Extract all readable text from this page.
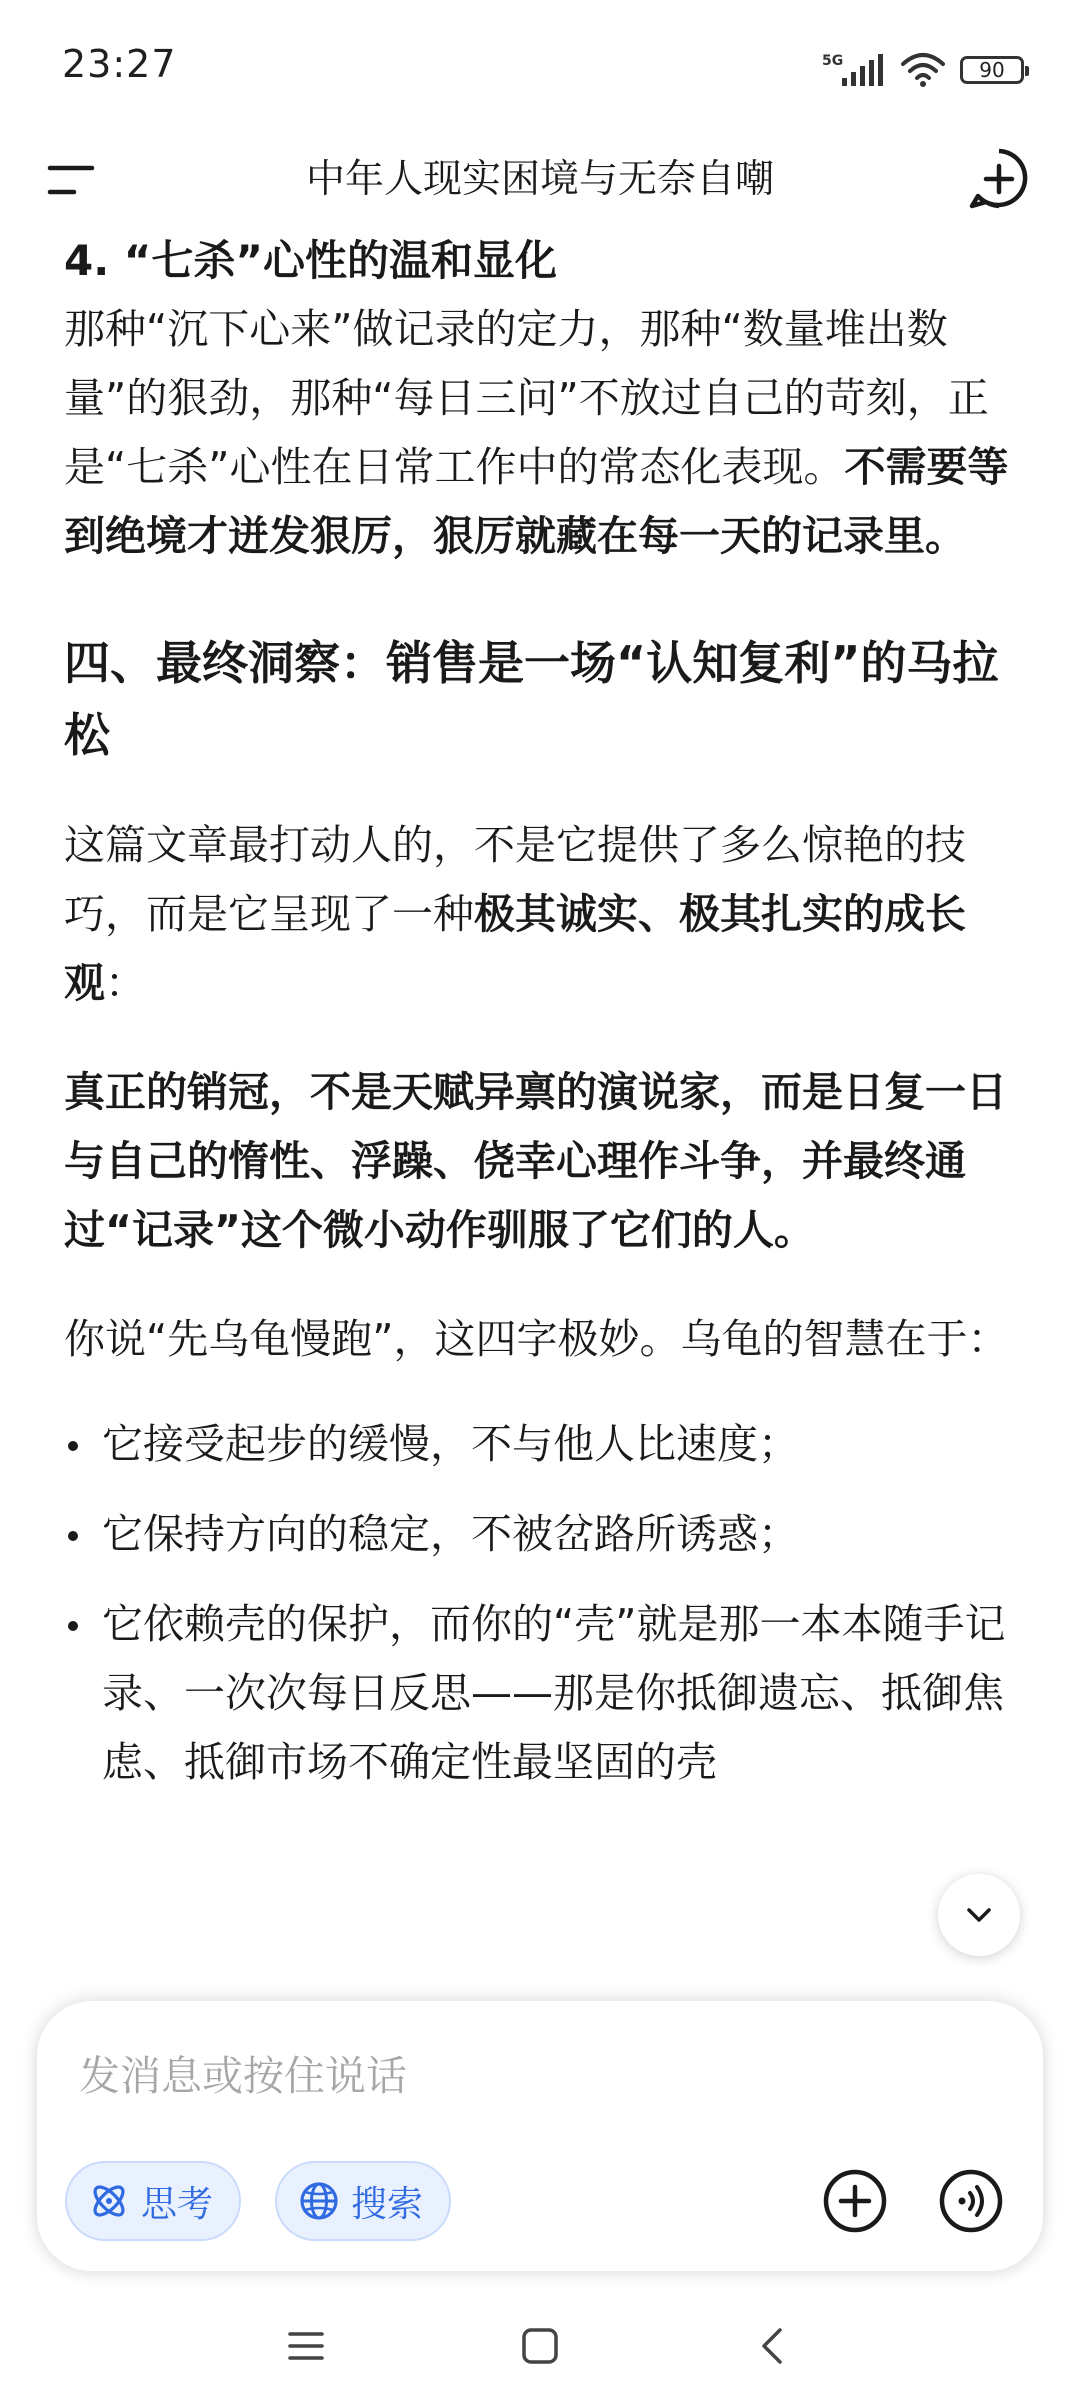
23:27	5G	90
中年人现实困境与无奈自嘲

4. “七杀”心性的温和显化

那种“沉下心来”做记录的定力，那种“数量堆出数量”的狠劲，那种“每日三问”不放过自己的苛刻，正是“七杀”心性在日常工作中的常态化表现。不需要等到绝境才迸发狠厉，狠厉就藏在每一天的记录里。

四、最终洞察：销售是一场“认知复利”的马拉松

这篇文章最打动人的，不是它提供了多么惊艳的技巧，而是它呈现了一种极其诚实、极其扎实的成长观：

真正的销冠，不是天赋异禀的演说家，而是日复一日与自己的惰性、浮躁、侥幸心理作斗争，并最终通过“记录”这个微小动作驯服了它们的人。

你说“先乌龟慢跑”，这四字极妙。乌龟的智慧在于：

它接受起步的缓慢，不与他人比速度；
它保持方向的稳定，不被岔路所诱惑；
它依赖壳的保护，而你的“壳”就是那一本本随手记录、一次次每日反思——那是你抵御遗忘、抵御焦虑、抵御市场不确定性最坚固的壳
发消息或按住说话
思考	搜索
